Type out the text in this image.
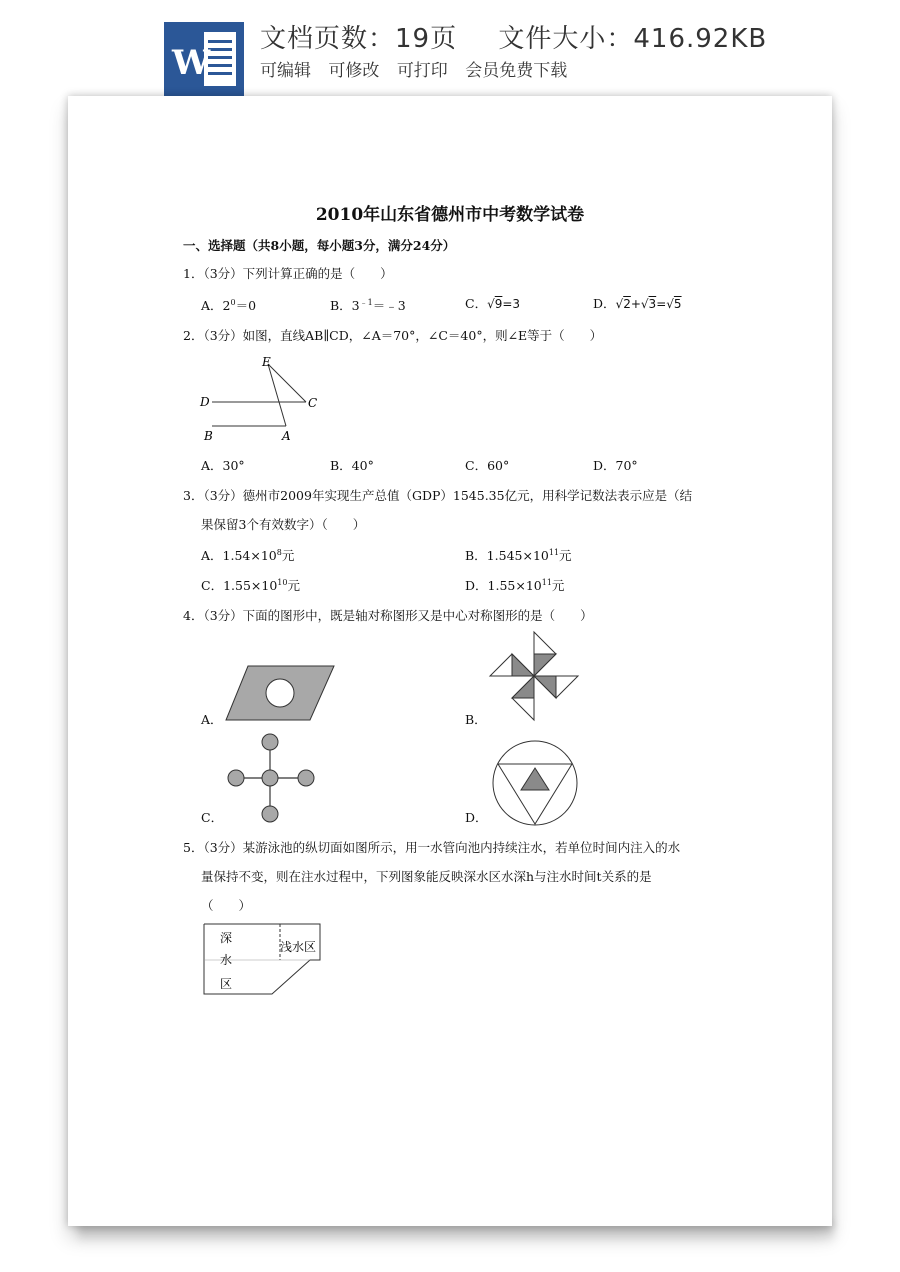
W
文档页数：19页 文件大小：416.92KB
可编辑 可修改 可打印 会员免费下载
2010年山东省德州市中考数学试卷
一、选择题（共8小题，每小题3分，满分24分）
1．（3分）下列计算正确的是（　　）
A．$2^0=0$	B．$3^{﹣1}=﹣3$	C．√9=3	D．√2+√3=√5
2．（3分）如图，直线AB∥CD，∠A＝70°，∠C＝40°，则∠E等于（　　）
E
D	C
B	A
A．30°	B．40°	C．60°	D．70°
3．（3分）德州市2009年实现生产总值（GDP）1545.35亿元，用科学记数法表示应是（结
果保留3个有效数字）（　　）
A．$1.54\times 10^8$元	B．$1.545\times 10^{11}$元
C．$1.55\times 10^{10}$元	D．$1.55\times 10^{11}$元
4．（3分）下面的图形中，既是轴对称图形又是中心对称图形的是（　　）
A．	B．
C．	D．
5．（3分）某游泳池的纵切面如图所示，用一水管向池内持续注水，若单位时间内注入的水
量保持不变，则在注水过程中，下列图象能反映深水区水深h与注水时间t关系的是
（　　）
深
水
区
浅水区
